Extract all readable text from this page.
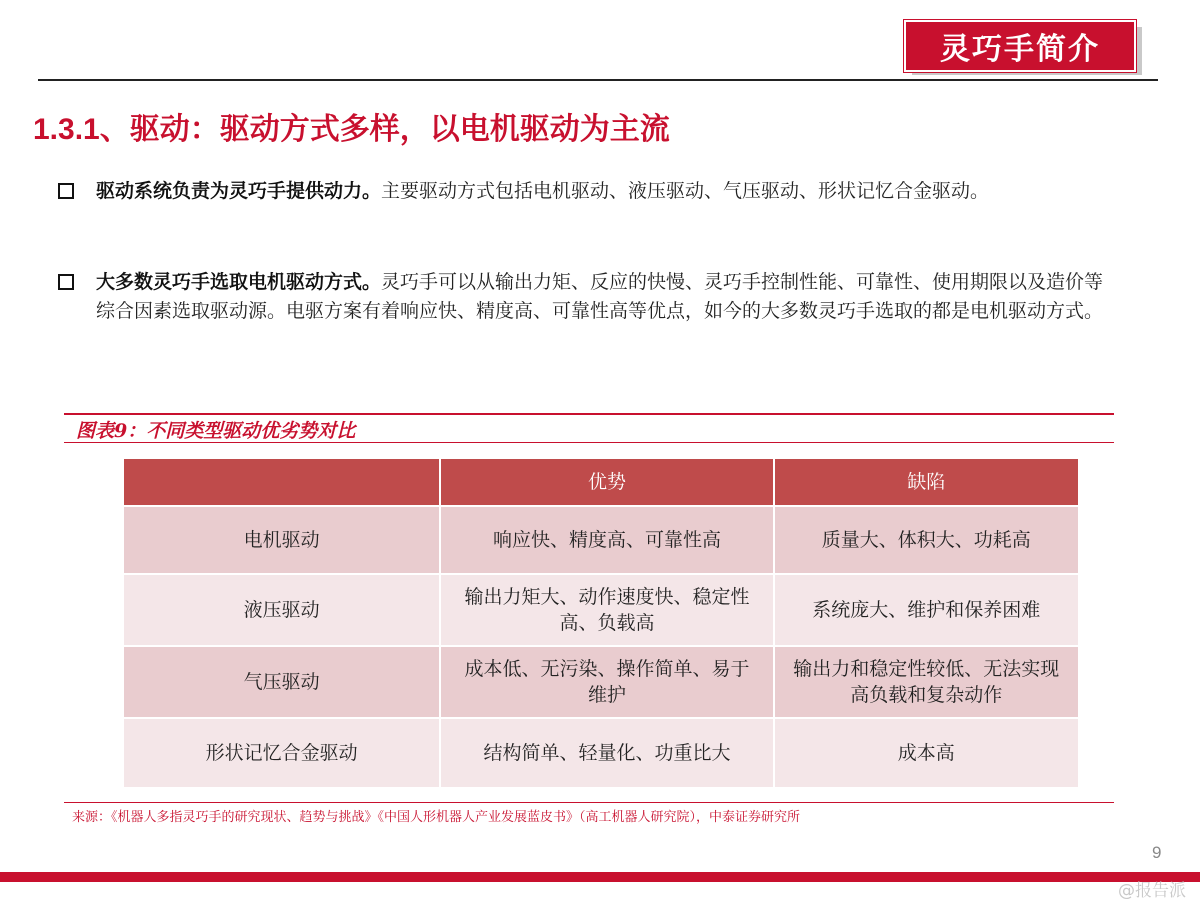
灵巧手简介
1.3.1、驱动：驱动方式多样，以电机驱动为主流

驱动系统负责为灵巧手提供动力。主要驱动方式包括电机驱动、液压驱动、气压驱动、形状记忆合金驱动。

大多数灵巧手选取电机驱动方式。灵巧手可以从输出力矩、反应的快慢、灵巧手控制性能、可靠性、使用期限以及造价等综合因素选取驱动源。电驱方案有着响应快、精度高、可靠性高等优点，如今的大多数灵巧手选取的都是电机驱动方式。

图表9：不同类型驱动优劣势对比
	优势	缺陷
电机驱动	响应快、精度高、可靠性高	质量大、体积大、功耗高
液压驱动	输出力矩大、动作速度快、稳定性高、负载高	系统庞大、维护和保养困难
气压驱动	成本低、无污染、操作简单、易于维护	输出力和稳定性较低、无法实现高负载和复杂动作
形状记忆合金驱动	结构简单、轻量化、功重比大	成本高
来源：《机器人多指灵巧手的研究现状、趋势与挑战》《中国人形机器人产业发展蓝皮书》（高工机器人研究院），中泰证券研究所
9
@报告派
